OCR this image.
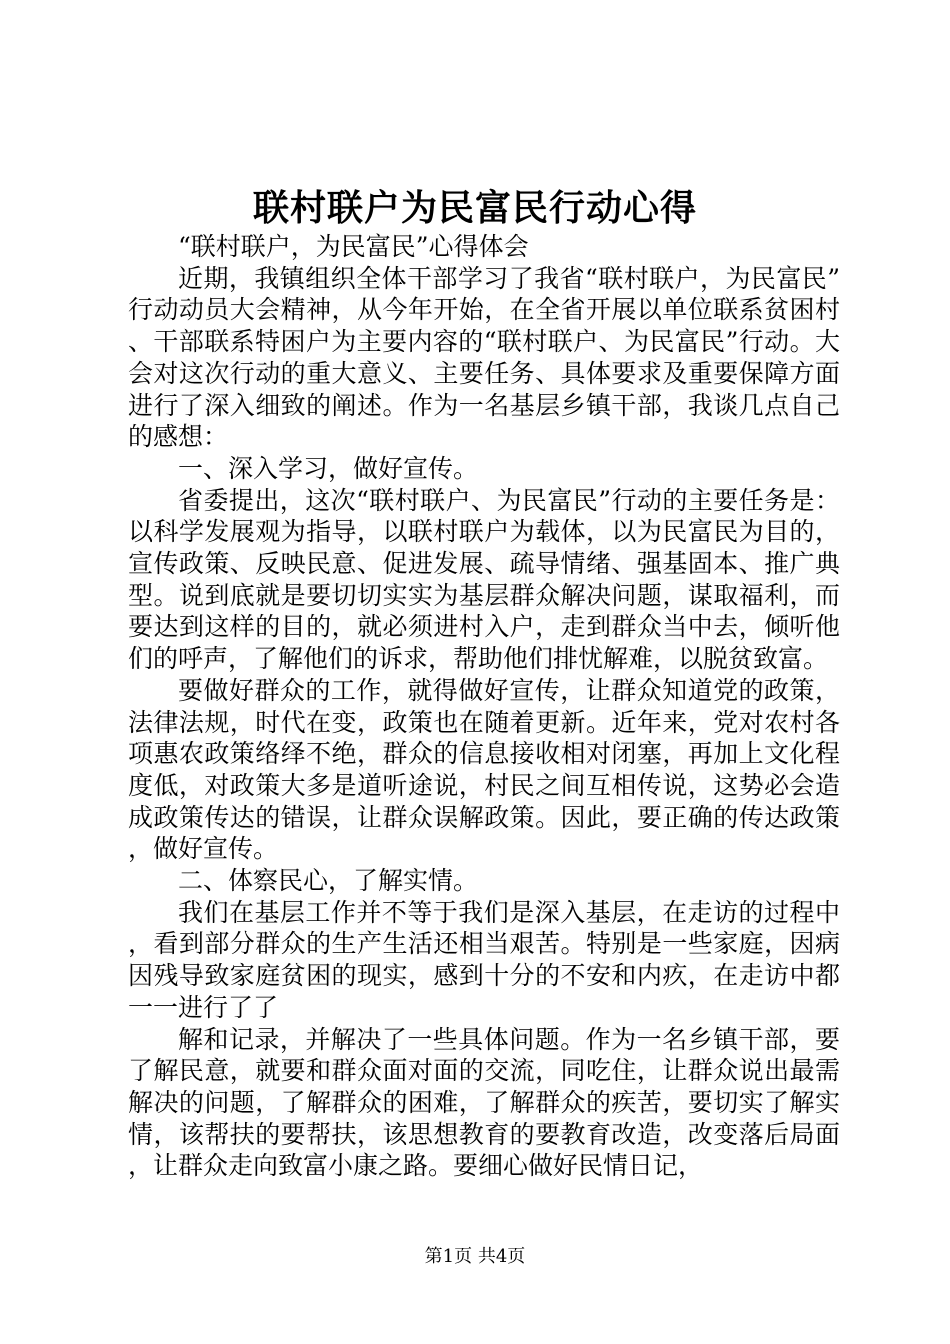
联村联户为民富民行动心得

“联村联户，为民富民”心得体会

近期，我镇组织全体干部学习了我省“联村联户，为民富民”行动动员大会精神，从今年开始，在全省开展以单位联系贫困村、干部联系特困户为主要内容的“联村联户、为民富民”行动。大会对这次行动的重大意义、主要任务、具体要求及重要保障方面进行了深入细致的阐述。作为一名基层乡镇干部，我谈几点自己的感想：

一、深入学习，做好宣传。

省委提出，这次“联村联户、为民富民”行动的主要任务是：以科学发展观为指导，以联村联户为载体，以为民富民为目的，宣传政策、反映民意、促进发展、疏导情绪、强基固本、推广典型。说到底就是要切切实实为基层群众解决问题，谋取福利，而要达到这样的目的，就必须进村入户，走到群众当中去，倾听他们的呼声，了解他们的诉求，帮助他们排忧解难，以脱贫致富。

要做好群众的工作，就得做好宣传，让群众知道党的政策，法律法规，时代在变，政策也在随着更新。近年来，党对农村各项惠农政策络绎不绝，群众的信息接收相对闭塞，再加上文化程度低，对政策大多是道听途说，村民之间互相传说，这势必会造成政策传达的错误，让群众误解政策。因此，要正确的传达政策，做好宣传。

二、体察民心，了解实情。

我们在基层工作并不等于我们是深入基层，在走访的过程中，看到部分群众的生产生活还相当艰苦。特别是一些家庭，因病因残导致家庭贫困的现实，感到十分的不安和内疚，在走访中都一一进行了了

解和记录，并解决了一些具体问题。作为一名乡镇干部，要了解民意，就要和群众面对面的交流，同吃住，让群众说出最需解决的问题，了解群众的困难，了解群众的疾苦，要切实了解实情，该帮扶的要帮扶，该思想教育的要教育改造，改变落后局面，让群众走向致富小康之路。要细心做好民情日记，

第1页 共4页
